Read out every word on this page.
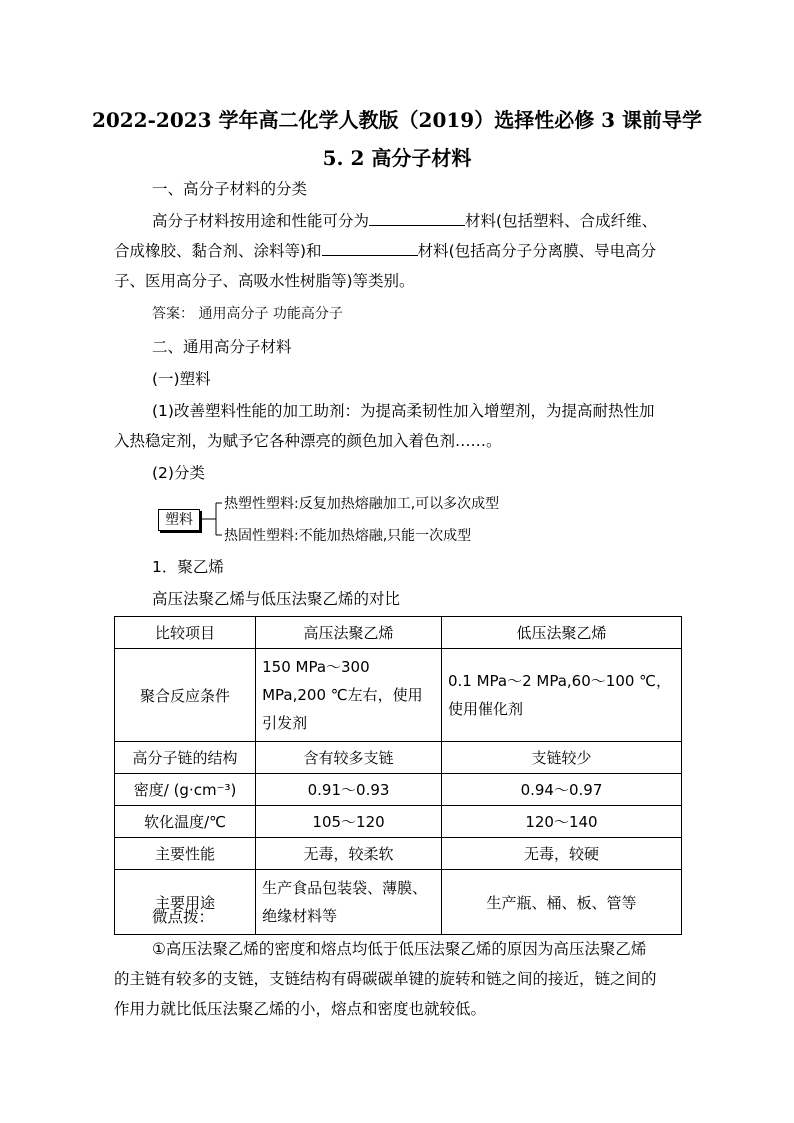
2022-2023 学年高二化学人教版（2019）选择性必修 3 课前导学
5. 2 高分子材料
一、高分子材料的分类
高分子材料按用途和性能可分为	材料(包括塑料、合成纤维、
合成橡胶、黏合剂、涂料等)和	材料(包括高分子分离膜、导电高分
子、医用高分子、高吸水性树脂等)等类别。
答案： 通用高分子 功能高分子
二、通用高分子材料
(一)塑料
(1)改善塑料性能的加工助剂：为提高柔韧性加入增塑剂，为提高耐热性加
入热稳定剂，为赋予它各种漂亮的颜色加入着色剂……。
(2)分类
塑料
热塑性塑料:反复加热熔融加工,可以多次成型
热固性塑料:不能加热熔融,只能一次成型
1．聚乙烯
高压法聚乙烯与低压法聚乙烯的对比
比较项目	高压法聚乙烯	低压法聚乙烯
聚合反应条件	150 MPa～300 MPa,200 ℃左右，使用引发剂	0.1 MPa～2 MPa,60～100 ℃，使用催化剂
高分子链的结构	含有较多支链	支链较少
密度/ (g·cm⁻³)	0.91～0.93	0.94～0.97
软化温度/℃	105～120	120～140
主要性能	无毒，较柔软	无毒，较硬
主要用途	生产食品包装袋、薄膜、绝缘材料等	生产瓶、桶、板、管等
微点拨：
①高压法聚乙烯的密度和熔点均低于低压法聚乙烯的原因为高压法聚乙烯
的主链有较多的支链，支链结构有碍碳碳单键的旋转和链之间的接近，链之间的
作用力就比低压法聚乙烯的小，熔点和密度也就较低。
